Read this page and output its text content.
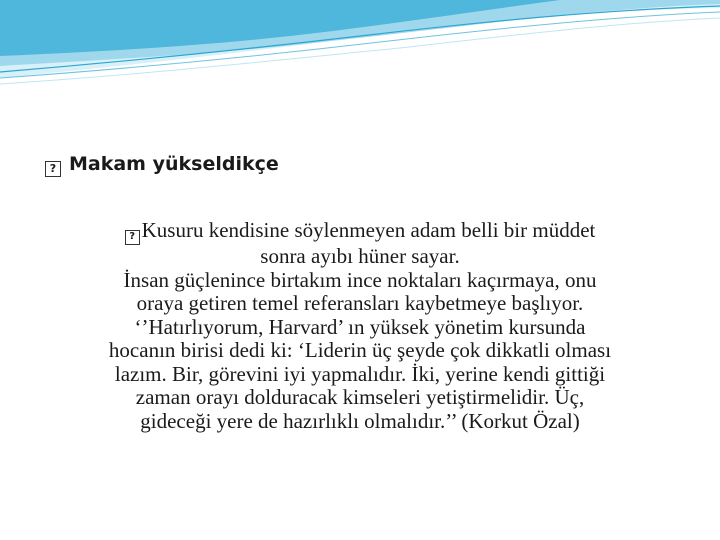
? Makam yükseldikçe
? Kusuru kendisine söylenmeyen adam belli bir müddet
sonra ayıbı hüner sayar.
İnsan güçlenince birtakım ince noktaları kaçırmaya, onu
oraya getiren temel referansları kaybetmeye başlıyor.
‘’Hatırlıyorum, Harvard’ ın yüksek yönetim kursunda
hocanın birisi dedi ki: ‘Liderin üç şeyde çok dikkatli olması
lazım. Bir, görevini iyi yapmalıdır. İki, yerine kendi gittiği
zaman orayı dolduracak kimseleri yetiştirmelidir. Üç,
gideceği yere de hazırlıklı olmalıdır.’’ (Korkut Özal)
